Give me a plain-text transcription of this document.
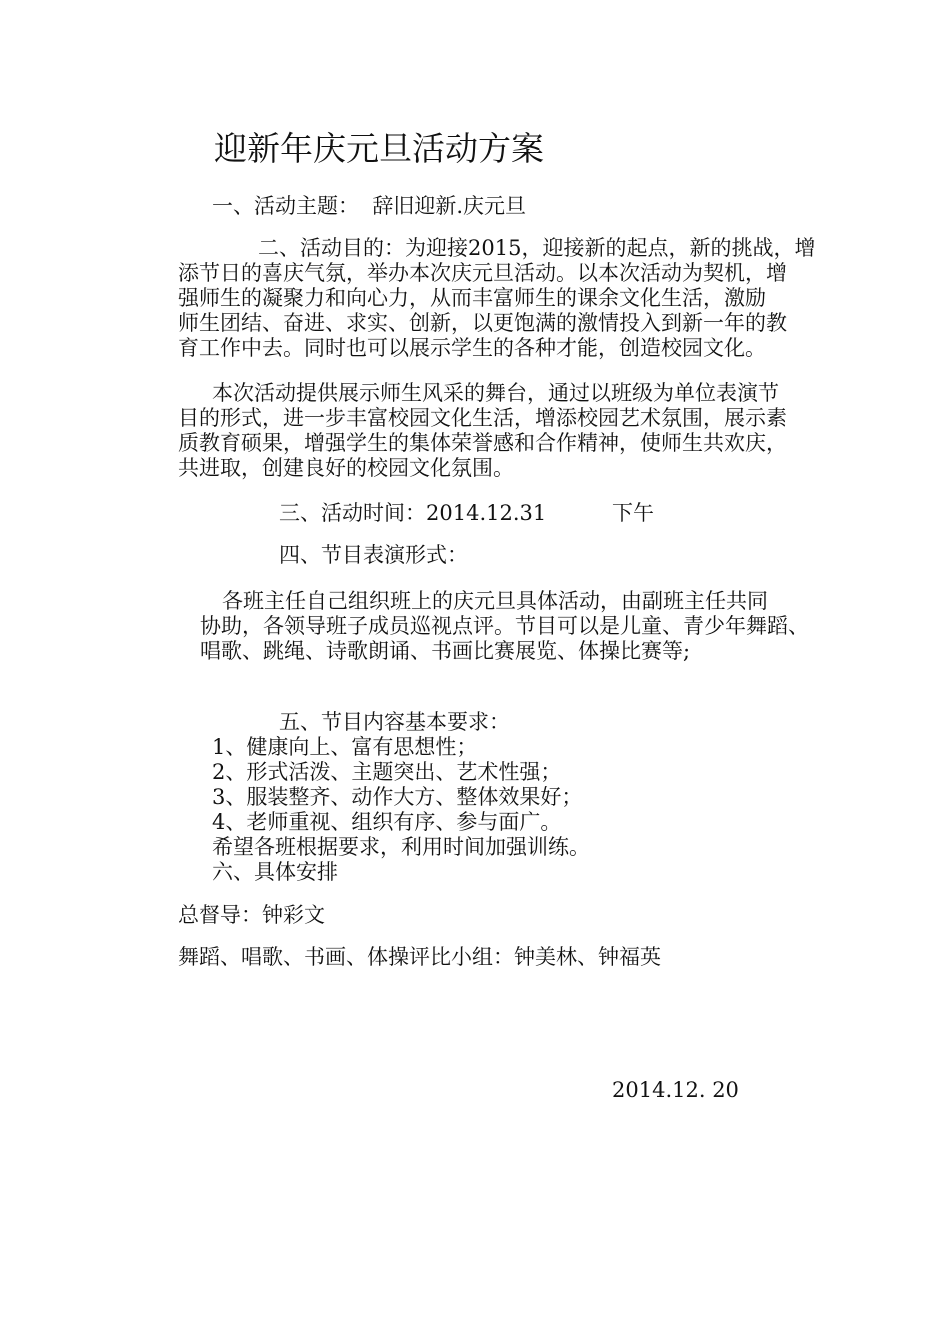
迎新年庆元旦活动方案
一、活动主题：  辞旧迎新.庆元旦
二、活动目的：为迎接2015，迎接新的起点，新的挑战，增
添节日的喜庆气氛，举办本次庆元旦活动。以本次活动为契机，增
强师生的凝聚力和向心力，从而丰富师生的课余文化生活，激励
师生团结、奋进、求实、创新，以更饱满的激情投入到新一年的教
育工作中去。同时也可以展示学生的各种才能，创造校园文化。
本次活动提供展示师生风采的舞台，通过以班级为单位表演节
目的形式，进一步丰富校园文化生活，增添校园艺术氛围，展示素
质教育硕果，增强学生的集体荣誉感和合作精神，使师生共欢庆，
共进取，创建良好的校园文化氛围。
三、活动时间：2014.12.31	下午
四、节目表演形式：
各班主任自己组织班上的庆元旦具体活动，由副班主任共同
协助，各领导班子成员巡视点评。节目可以是儿童、青少年舞蹈、
唱歌、跳绳、诗歌朗诵、书画比赛展览、体操比赛等;
五、节目内容基本要求：
1、健康向上、富有思想性；
2、形式活泼、主题突出、艺术性强；
3、服装整齐、动作大方、整体效果好；
4、老师重视、组织有序、参与面广。
希望各班根据要求，利用时间加强训练。
六、具体安排
总督导：钟彩文
舞蹈、唱歌、书画、体操评比小组：钟美林、钟福英
2014.12. 20
